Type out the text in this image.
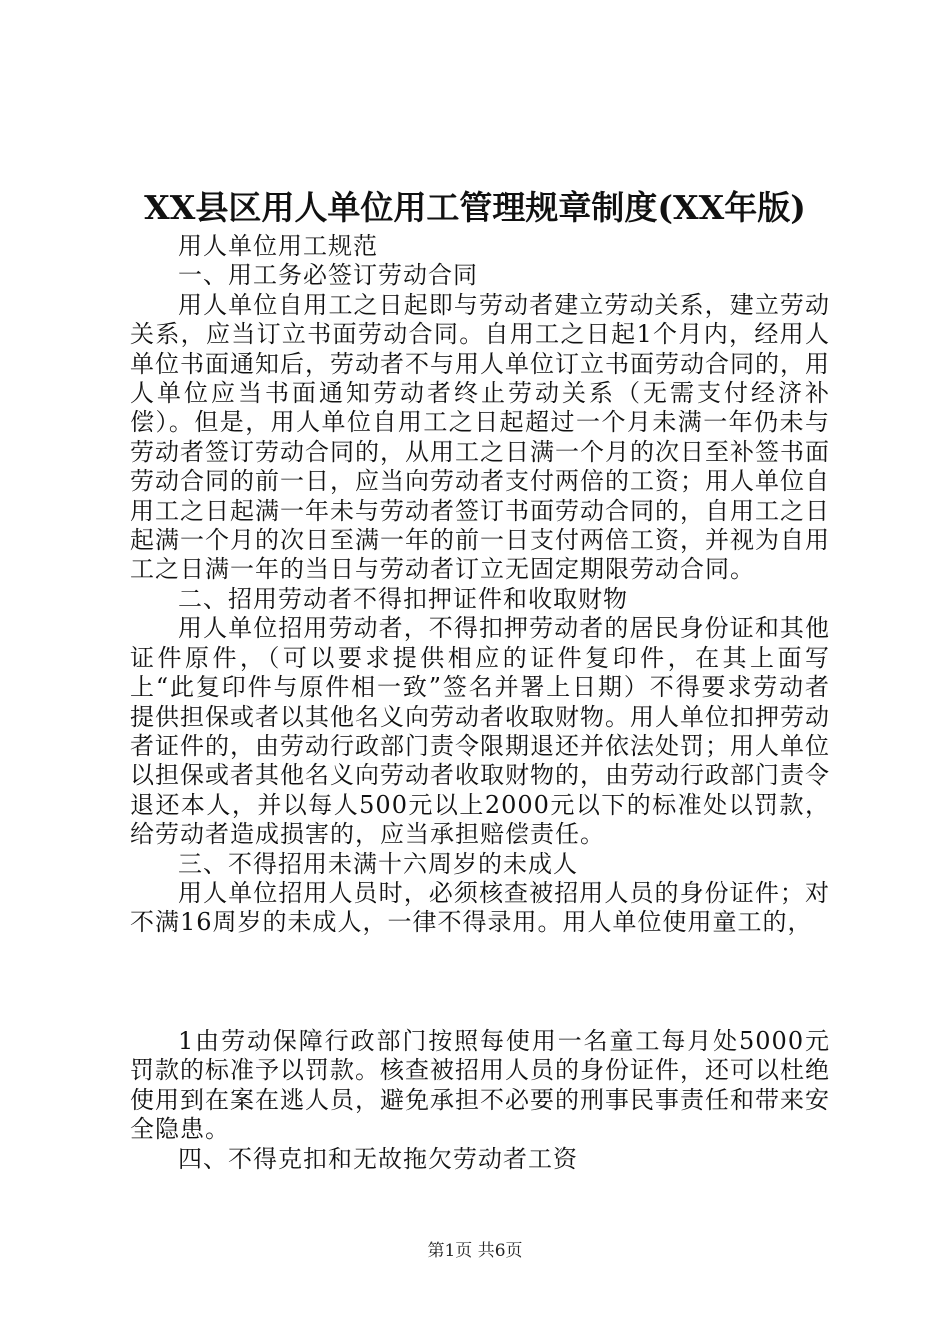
XX县区用人单位用工管理规章制度(XX年版)

用人单位用工规范

一、用工务必签订劳动合同

用人单位自用工之日起即与劳动者建立劳动关系，建立劳动关系，应当订立书面劳动合同。自用工之日起1个月内，经用人单位书面通知后，劳动者不与用人单位订立书面劳动合同的，用人单位应当书面通知劳动者终止劳动关系（无需支付经济补偿）。但是，用人单位自用工之日起超过一个月未满一年仍未与劳动者签订劳动合同的，从用工之日满一个月的次日至补签书面劳动合同的前一日，应当向劳动者支付两倍的工资；用人单位自用工之日起满一年未与劳动者签订书面劳动合同的，自用工之日起满一个月的次日至满一年的前一日支付两倍工资，并视为自用工之日满一年的当日与劳动者订立无固定期限劳动合同。

二、招用劳动者不得扣押证件和收取财物

用人单位招用劳动者，不得扣押劳动者的居民身份证和其他证件原件，（可以要求提供相应的证件复印件，在其上面写上“此复印件与原件相一致”签名并署上日期）不得要求劳动者提供担保或者以其他名义向劳动者收取财物。用人单位扣押劳动者证件的，由劳动行政部门责令限期退还并依法处罚；用人单位以担保或者其他名义向劳动者收取财物的，由劳动行政部门责令退还本人，并以每人500元以上2000元以下的标准处以罚款，给劳动者造成损害的，应当承担赔偿责任。

三、不得招用未满十六周岁的未成人

用人单位招用人员时，必须核查被招用人员的身份证件；对不满16周岁的未成人，一律不得录用。用人单位使用童工的，

1由劳动保障行政部门按照每使用一名童工每月处5000元罚款的标准予以罚款。核查被招用人员的身份证件，还可以杜绝使用到在案在逃人员，避免承担不必要的刑事民事责任和带来安全隐患。

四、不得克扣和无故拖欠劳动者工资

第1页 共6页
